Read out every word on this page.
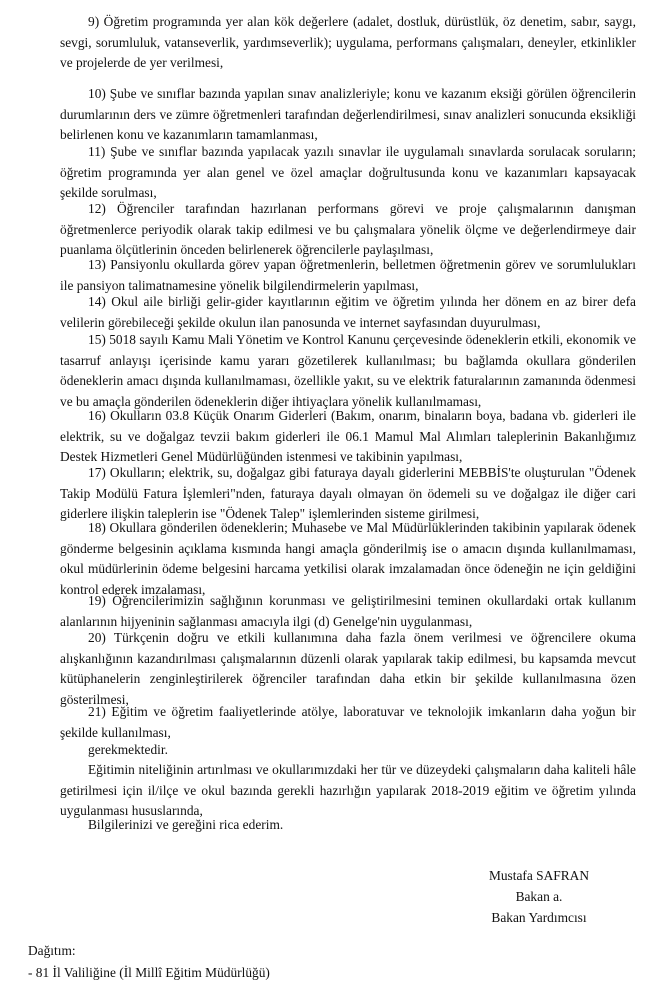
9) Öğretim programında yer alan kök değerlere (adalet, dostluk, dürüstlük, öz denetim, sabır, saygı, sevgi, sorumluluk, vatanseverlik, yardımseverlik); uygulama, performans çalışmaları, deneyler, etkinlikler ve projelerde de yer verilmesi,

10) Şube ve sınıflar bazında yapılan sınav analizleriyle; konu ve kazanım eksiği görülen öğrencilerin durumlarının ders ve zümre öğretmenleri tarafından değerlendirilmesi, sınav analizleri sonucunda eksikliği belirlenen konu ve kazanımların tamamlanması,

11) Şube ve sınıflar bazında yapılacak yazılı sınavlar ile uygulamalı sınavlarda sorulacak soruların; öğretim programında yer alan genel ve özel amaçlar doğrultusunda konu ve kazanımları kapsayacak şekilde sorulması,

12) Öğrenciler tarafından hazırlanan performans görevi ve proje çalışmalarının danışman öğretmenlerce periyodik olarak takip edilmesi ve bu çalışmalara yönelik ölçme ve değerlendirmeye dair puanlama ölçütlerinin önceden belirlenerek öğrencilerle paylaşılması,

13) Pansiyonlu okullarda görev yapan öğretmenlerin, belletmen öğretmenin görev ve sorumlulukları ile pansiyon talimatnamesine yönelik bilgilendirmelerin yapılması,

14) Okul aile birliği gelir-gider kayıtlarının eğitim ve öğretim yılında her dönem en az birer defa velilerin görebileceği şekilde okulun ilan panosunda ve internet sayfasından duyurulması,

15) 5018 sayılı Kamu Mali Yönetim ve Kontrol Kanunu çerçevesinde ödeneklerin etkili, ekonomik ve tasarruf anlayışı içerisinde kamu yararı gözetilerek kullanılması; bu bağlamda okullara gönderilen ödeneklerin amacı dışında kullanılmaması, özellikle yakıt, su ve elektrik faturalarının zamanında ödenmesi ve bu amaçla gönderilen ödeneklerin diğer ihtiyaçlara yönelik kullanılmaması,

16) Okulların 03.8 Küçük Onarım Giderleri (Bakım, onarım, binaların boya, badana vb. giderleri ile elektrik, su ve doğalgaz tevzii bakım giderleri ile 06.1 Mamul Mal Alımları taleplerinin Bakanlığımız Destek Hizmetleri Genel Müdürlüğünden istenmesi ve takibinin yapılması,

17) Okulların; elektrik, su, doğalgaz gibi faturaya dayalı giderlerini MEBBİS'te oluşturulan "Ödenek Takip Modülü Fatura İşlemleri"nden, faturaya dayalı olmayan ön ödemeli su ve doğalgaz ile diğer cari giderlere ilişkin taleplerin ise "Ödenek Talep" işlemlerinden sisteme girilmesi,

18) Okullara gönderilen ödeneklerin; Muhasebe ve Mal Müdürlüklerinden takibinin yapılarak ödenek gönderme belgesinin açıklama kısmında hangi amaçla gönderilmiş ise o amacın dışında kullanılmaması, okul müdürlerinin ödeme belgesini harcama yetkilisi olarak imzalamadan önce ödeneğin ne için geldiğini kontrol ederek imzalaması,

19) Öğrencilerimizin sağlığının korunması ve geliştirilmesini teminen okullardaki ortak kullanım alanlarının hijyeninin sağlanması amacıyla ilgi (d) Genelge'nin uygulanması,

20) Türkçenin doğru ve etkili kullanımına daha fazla önem verilmesi ve öğrencilere okuma alışkanlığının kazandırılması çalışmalarının düzenli olarak yapılarak takip edilmesi, bu kapsamda mevcut kütüphanelerin zenginleştirilerek öğrenciler tarafından daha etkin bir şekilde kullanılmasına özen gösterilmesi,

21) Eğitim ve öğretim faaliyetlerinde atölye, laboratuvar ve teknolojik imkanların daha yoğun bir şekilde kullanılması,

gerekmektedir.

Eğitimin niteliğinin artırılması ve okullarımızdaki her tür ve düzeydeki çalışmaların daha kaliteli hâle getirilmesi için il/ilçe ve okul bazında gerekli hazırlığın yapılarak 2018-2019 eğitim ve öğretim yılında uygulanması hususlarında,

Bilgilerinizi ve gereğini rica ederim.

Mustafa SAFRAN

Bakan a.

Bakan Yardımcısı

Dağıtım:

- 81 İl Valiliğine (İl Millî Eğitim Müdürlüğü)
